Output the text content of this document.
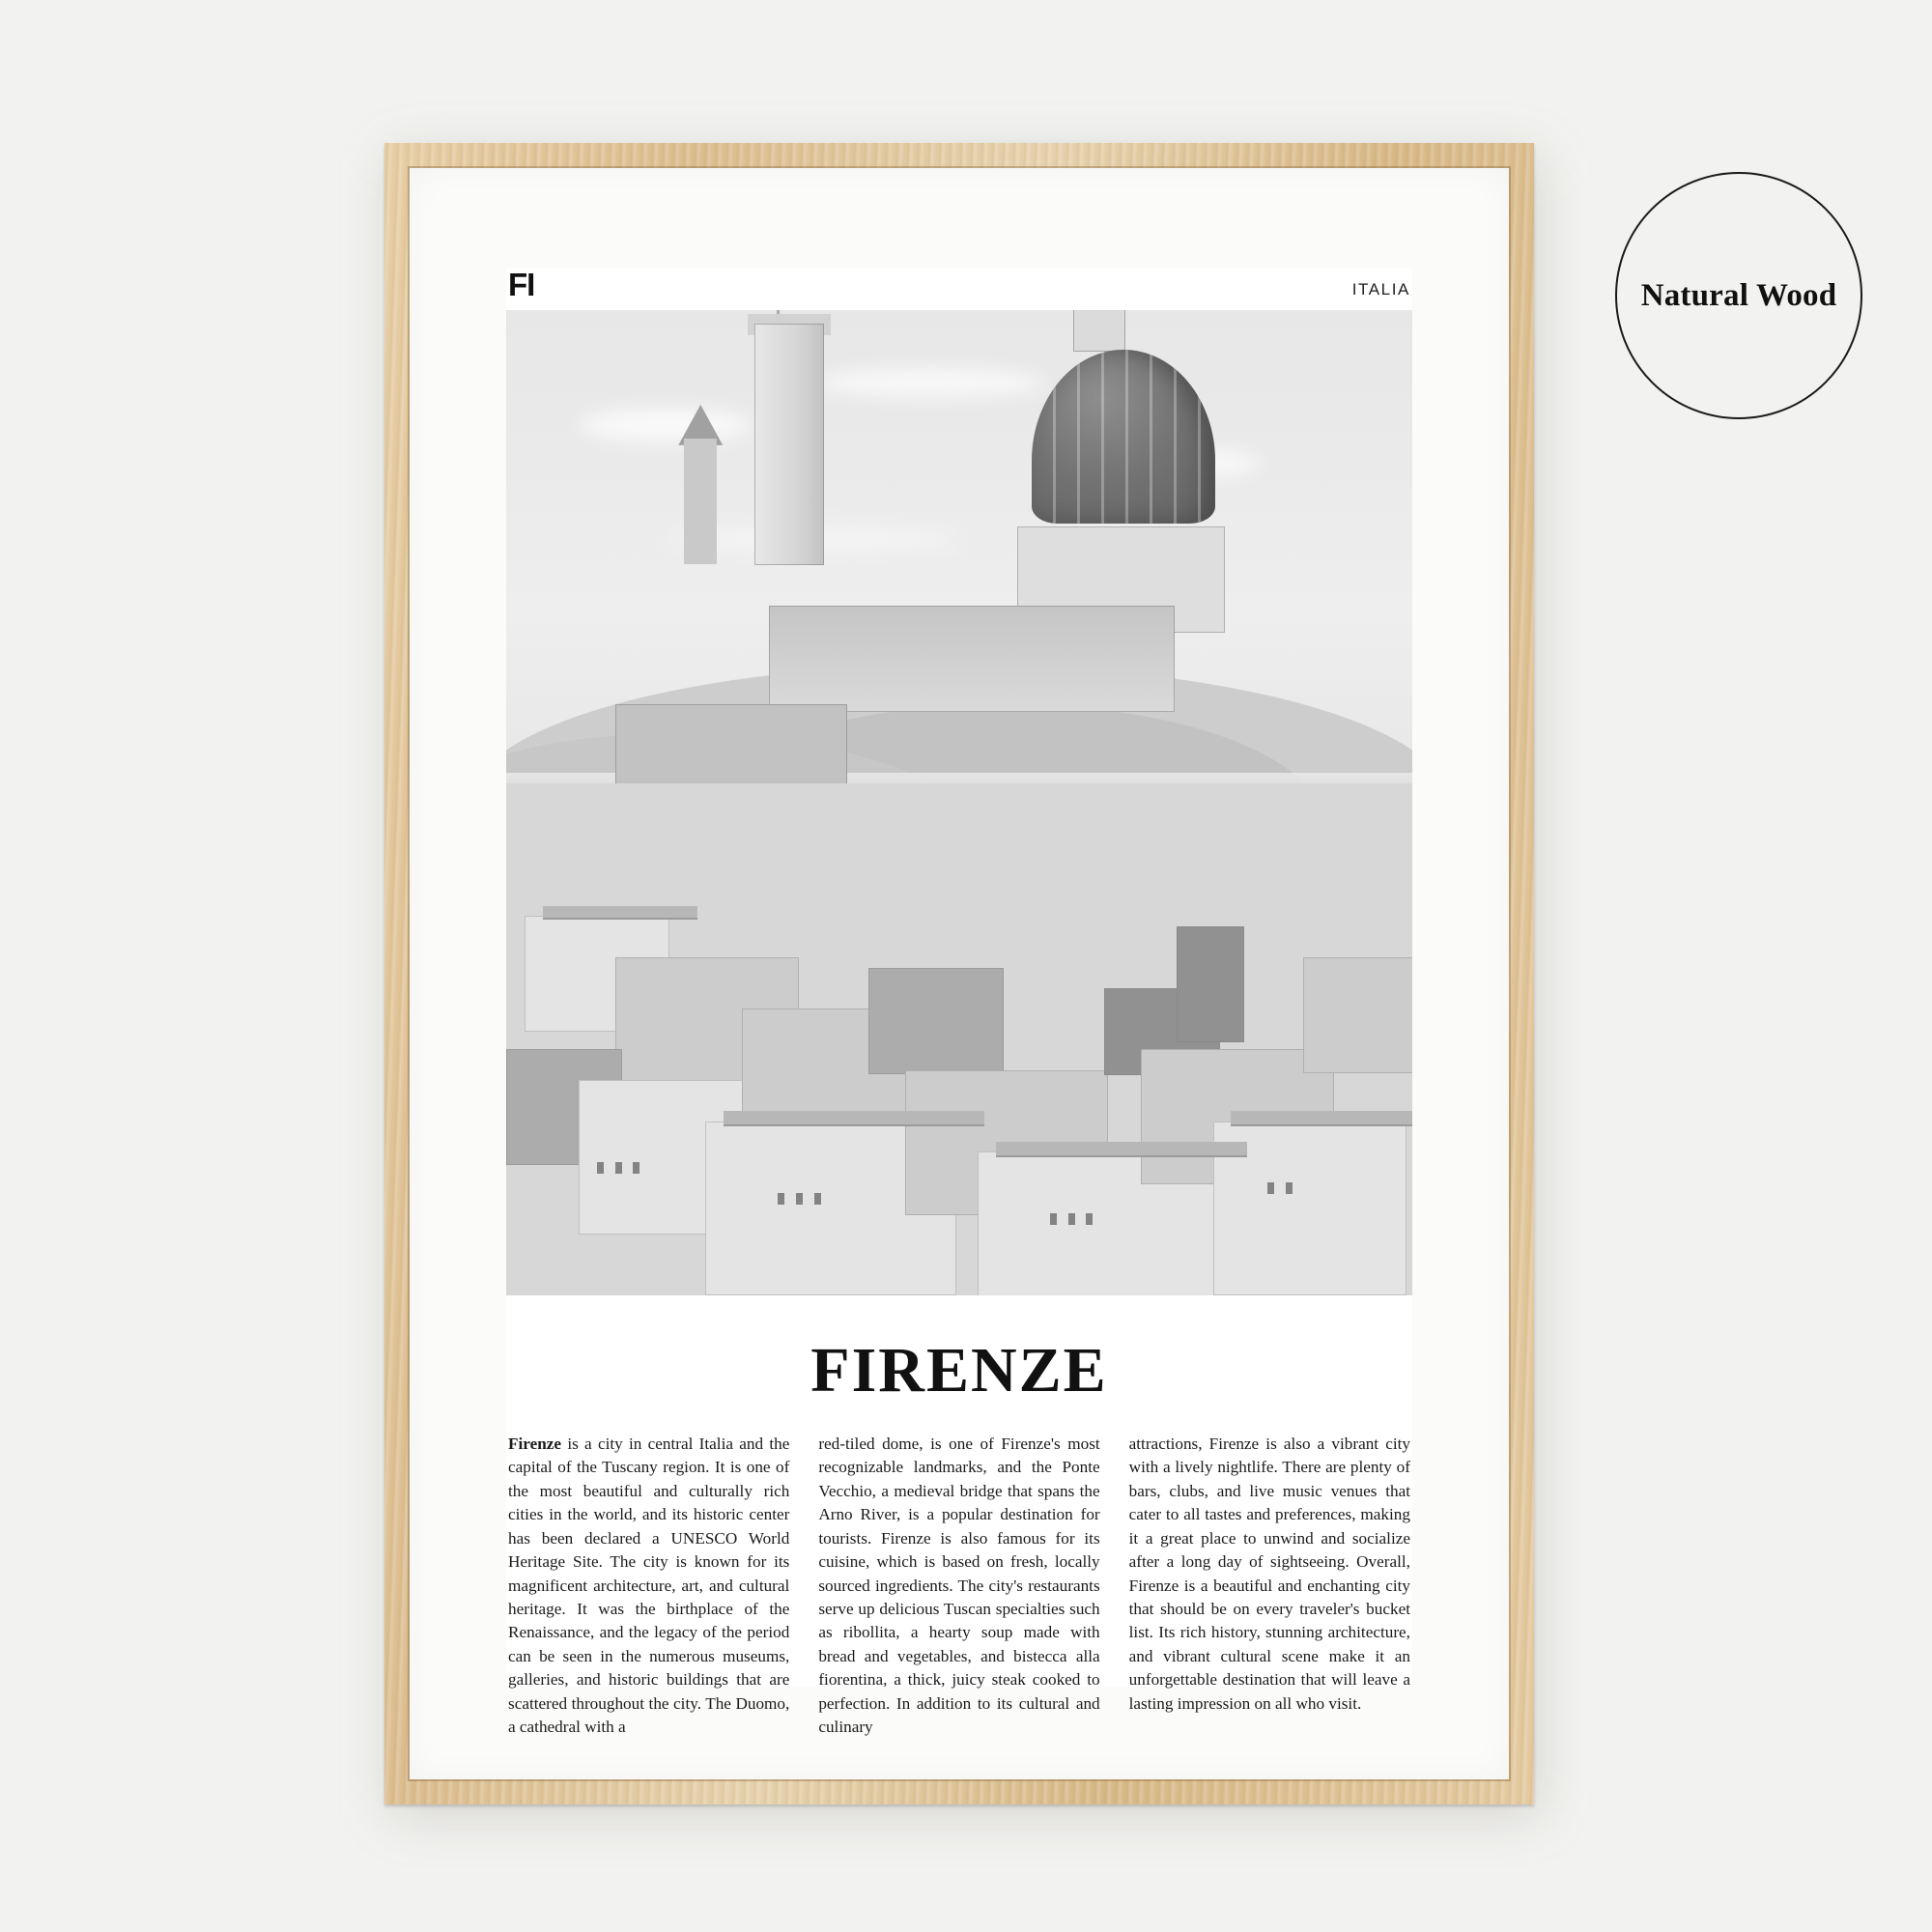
FI	ITALIA
FIRENZE
Firenze is a city in central Italia and the capital of the Tuscany region. It is one of the most beautiful and culturally rich cities in the world, and its historic center has been declared a UNESCO World Heritage Site. The city is known for its magnificent architecture, art, and cultural heritage. It was the birthplace of the Renaissance, and the legacy of the period can be seen in the numerous museums, galleries, and historic buildings that are scattered throughout the city. The Duomo, a cathedral with a
red-tiled dome, is one of Firenze's most recognizable landmarks, and the Ponte Vecchio, a medieval bridge that spans the Arno River, is a popular destination for tourists. Firenze is also famous for its cuisine, which is based on fresh, locally sourced ingredients. The city's restaurants serve up delicious Tuscan specialties such as ribollita, a hearty soup made with bread and vegetables, and bistecca alla fiorentina, a thick, juicy steak cooked to perfection. In addition to its cultural and culinary
attractions, Firenze is also a vibrant city with a lively nightlife. There are plenty of bars, clubs, and live music venues that cater to all tastes and preferences, making it a great place to unwind and socialize after a long day of sightseeing. Overall, Firenze is a beautiful and enchanting city that should be on every traveler's bucket list. Its rich history, stunning architecture, and vibrant cultural scene make it an unforgettable destination that will leave a lasting impression on all who visit.
Natural Wood
